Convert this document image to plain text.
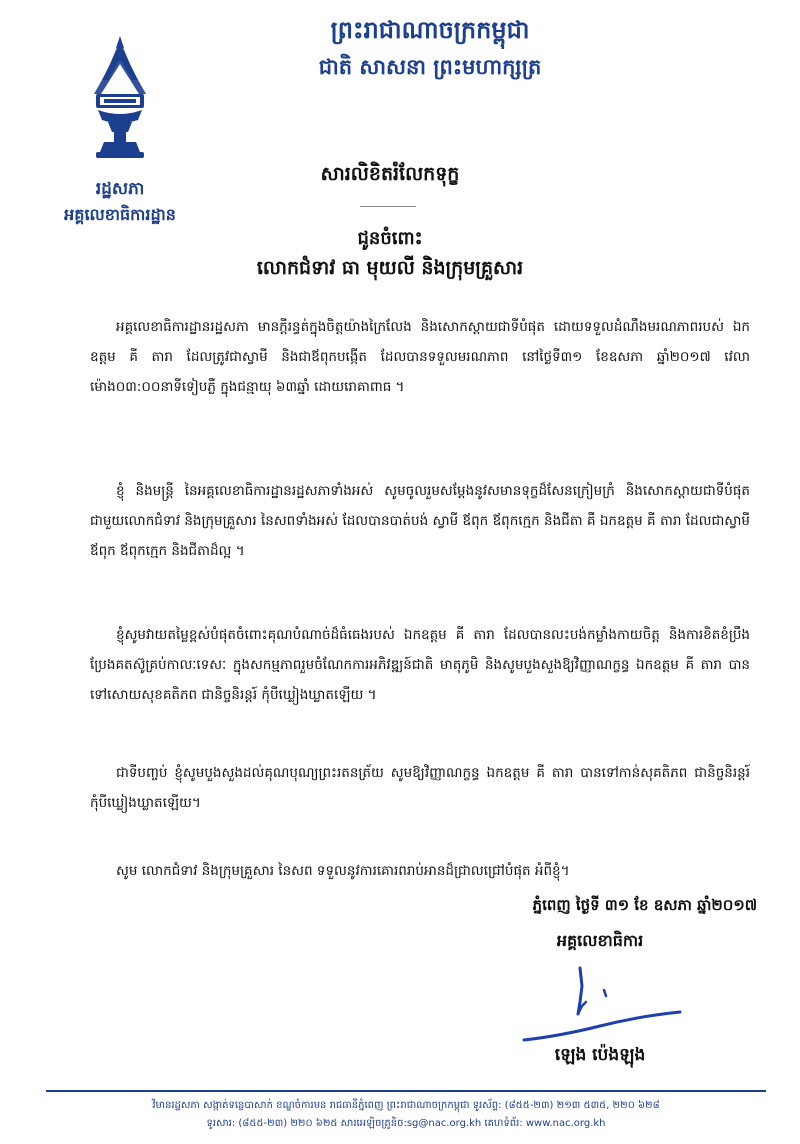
ព្រះរាជាណាចក្រកម្ពុជា
ជាតិ សាសនា ព្រះមហាក្សត្រ
រដ្ឋសភា
អគ្គលេខាធិការដ្ឋាន
សារលិខិតរំលែកទុក្ខ
ជូនចំពោះ
លោកជំទាវ ធា មុយលី និងក្រុមគ្រួសារ
អគ្គលេខាធិការដ្ឋានរដ្ឋសភា មានក្តីរន្ធត់ក្នុងចិត្តយ៉ាងក្រៃលែង និងសោកស្តាយជាទីបំផុត ដោយទទួលដំណឹងមរណភាពរបស់ ឯកឧត្តម គី តារា ដែលត្រូវជាស្វាមី និងជាឪពុកបង្កើត ដែលបានទទួលមរណភាព នៅថ្ងៃទី៣១ ខែឧសភា ឆ្នាំ២០១៧ វេលាម៉ោង០៣:០០នាទីទៀបភ្លឺ ក្នុងជន្មាយុ ៦៣ឆ្នាំ ដោយរោគាពាធ ។
ខ្ញុំ និងមន្ត្រី នៃអគ្គលេខាធិការដ្ឋានរដ្ឋសភាទាំងអស់ សូមចូលរួមសម្តែងនូវសមានទុក្ខដ៏សែនក្រៀមក្រំ និងសោកស្តាយជាទីបំផុត ជាមួយលោកជំទាវ និងក្រុមគ្រួសារ នៃសពទាំងអស់ ដែលបានបាត់បង់ ស្វាមី ឪពុក ឪពុកក្មេក និងជីតា គឺ ឯកឧត្តម គី តារា ដែលជាស្វាមី ឪពុក ឪពុកក្មេក និងជីតាដ៏ល្អ ។
ខ្ញុំសូមវាយតម្លៃខ្ពស់បំផុតចំពោះគុណបំណាច់ដ៏ធំធេងរបស់ ឯកឧត្តម គី តារា ដែលបានលះបង់កម្លាំងកាយចិត្ត និងការខិតខំប្រឹងប្រែងគតស៊ូគ្រប់កាលៈទេសៈ ក្នុងសកម្មភាពរួមចំណែកការអភិវឌ្ឍន៍ជាតិ មាតុភូមិ និងសូមបួងសួងឱ្យវិញ្ញាណក្ខន្ធ ឯកឧត្តម គី តារា បានទៅសោយសុខគតិភព ជានិច្ចនិរន្តរ៍ កុំបីឃ្លៀងឃ្លាតឡើយ ។
ជាទីបញ្ចប់ ខ្ញុំសូមបួងសួងដល់គុណបុណ្យព្រះរតនត្រ័យ សូមឱ្យវិញ្ញាណក្ខន្ធ ឯកឧត្តម គី តារា បានទៅកាន់សុគតិភព ជានិច្ចនិរន្តរ៍ កុំបីឃ្លៀងឃ្លាតឡើយ។
សូម លោកជំទាវ និងក្រុមគ្រួសារ នៃសព ទទួលនូវការគោរពរាប់អានដ៏ជ្រាលជ្រៅបំផុត អំពីខ្ញុំ។
ភ្នំពេញ ថ្ងៃទី ៣១ ខែ ឧសភា ឆ្នាំ២០១៧
អគ្គលេខាធិការ
ឡេង ប៉េងឡុង
វិមានរដ្ឋសភា សង្កាត់ទន្លេបាសាក់ ខណ្ឌចំការមន រាជធានីភ្នំពេញ ព្រះរាជាណាចក្រកម្ពុជា ទូរស័ព្ទ: (៨៥៥-២៣) ២១៣ ៥៣៥, ២២០ ៦២៨
ទូរសារ: (៨៥៥-២៣) ២២០ ៦២៥ សារអេឡិចត្រូនិច:sg@nac.org.kh គេហទំព័រ: www.nac.org.kh
